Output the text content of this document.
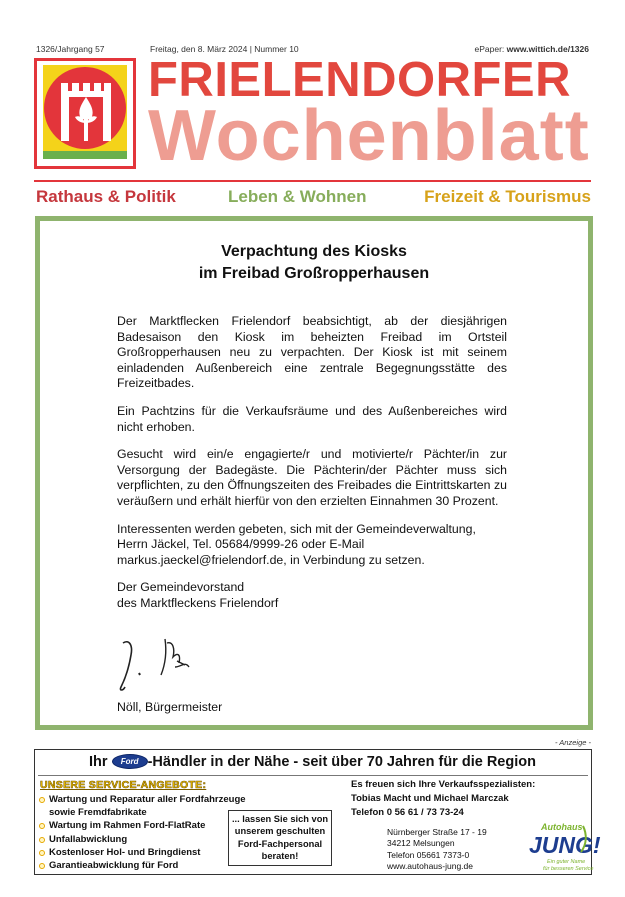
1326/Jahrgang 57	Freitag, den 8. März 2024 | Nummer 10	ePaper: www.wittich.de/1326
FRIELENDORFER
Wochenblatt
Rathaus & Politik	Leben & Wohnen	Freizeit & Tourismus
Verpachtung des Kiosks
im Freibad Großropperhausen

Der Marktflecken Frielendorf beabsichtigt, ab der diesjährigen Badesaison den Kiosk im beheizten Freibad im Ortsteil Großropperhausen neu zu verpachten. Der Kiosk ist mit seinem einladenden Außenbereich eine zentrale Begegnungsstätte des Freizeitbades.

Ein Pachtzins für die Verkaufsräume und des Außenbereiches wird nicht erhoben.

Gesucht wird ein/e engagierte/r und motivierte/r Pächter/in zur Versorgung der Badegäste. Die Pächterin/der Pächter muss sich verpflichten, zu den Öffnungszeiten des Freibades die Eintrittskarten zu veräußern und erhält hierfür von den erzielten Einnahmen 30 Prozent.

Interessenten werden gebeten, sich mit der Gemeindeverwaltung,
Herrn Jäckel, Tel. 05684/9999-26 oder E-Mail
markus.jaeckel@frielendorf.de, in Verbindung zu setzen.

Der Gemeindevorstand
des Marktfleckens Frielendorf

Nöll, Bürgermeister
- Anzeige -
Ihr Ford -Händler in der Nähe - seit über 70 Jahren für die Region
UNSERE SERVICE-ANGEBOTE:
Wartung und Reparatur aller Fordfahrzeuge
sowie Fremdfabrikate
Wartung im Rahmen Ford-FlatRate
Unfallabwicklung
Kostenloser Hol- und Bringdienst
Garantieabwicklung für Ford
... lassen Sie sich von
unserem geschulten
Ford-Fachpersonal
beraten!
Es freuen sich Ihre Verkaufsspezialisten:
Tobias Macht und Michael Marczak
Telefon 0 56 61 / 73 73-24
Nürnberger Straße 17 - 19
34212 Melsungen
Telefon 05661 7373-0
www.autohaus-jung.de
Autohaus
JUNG!
Ein guter Name
für besseren Service
